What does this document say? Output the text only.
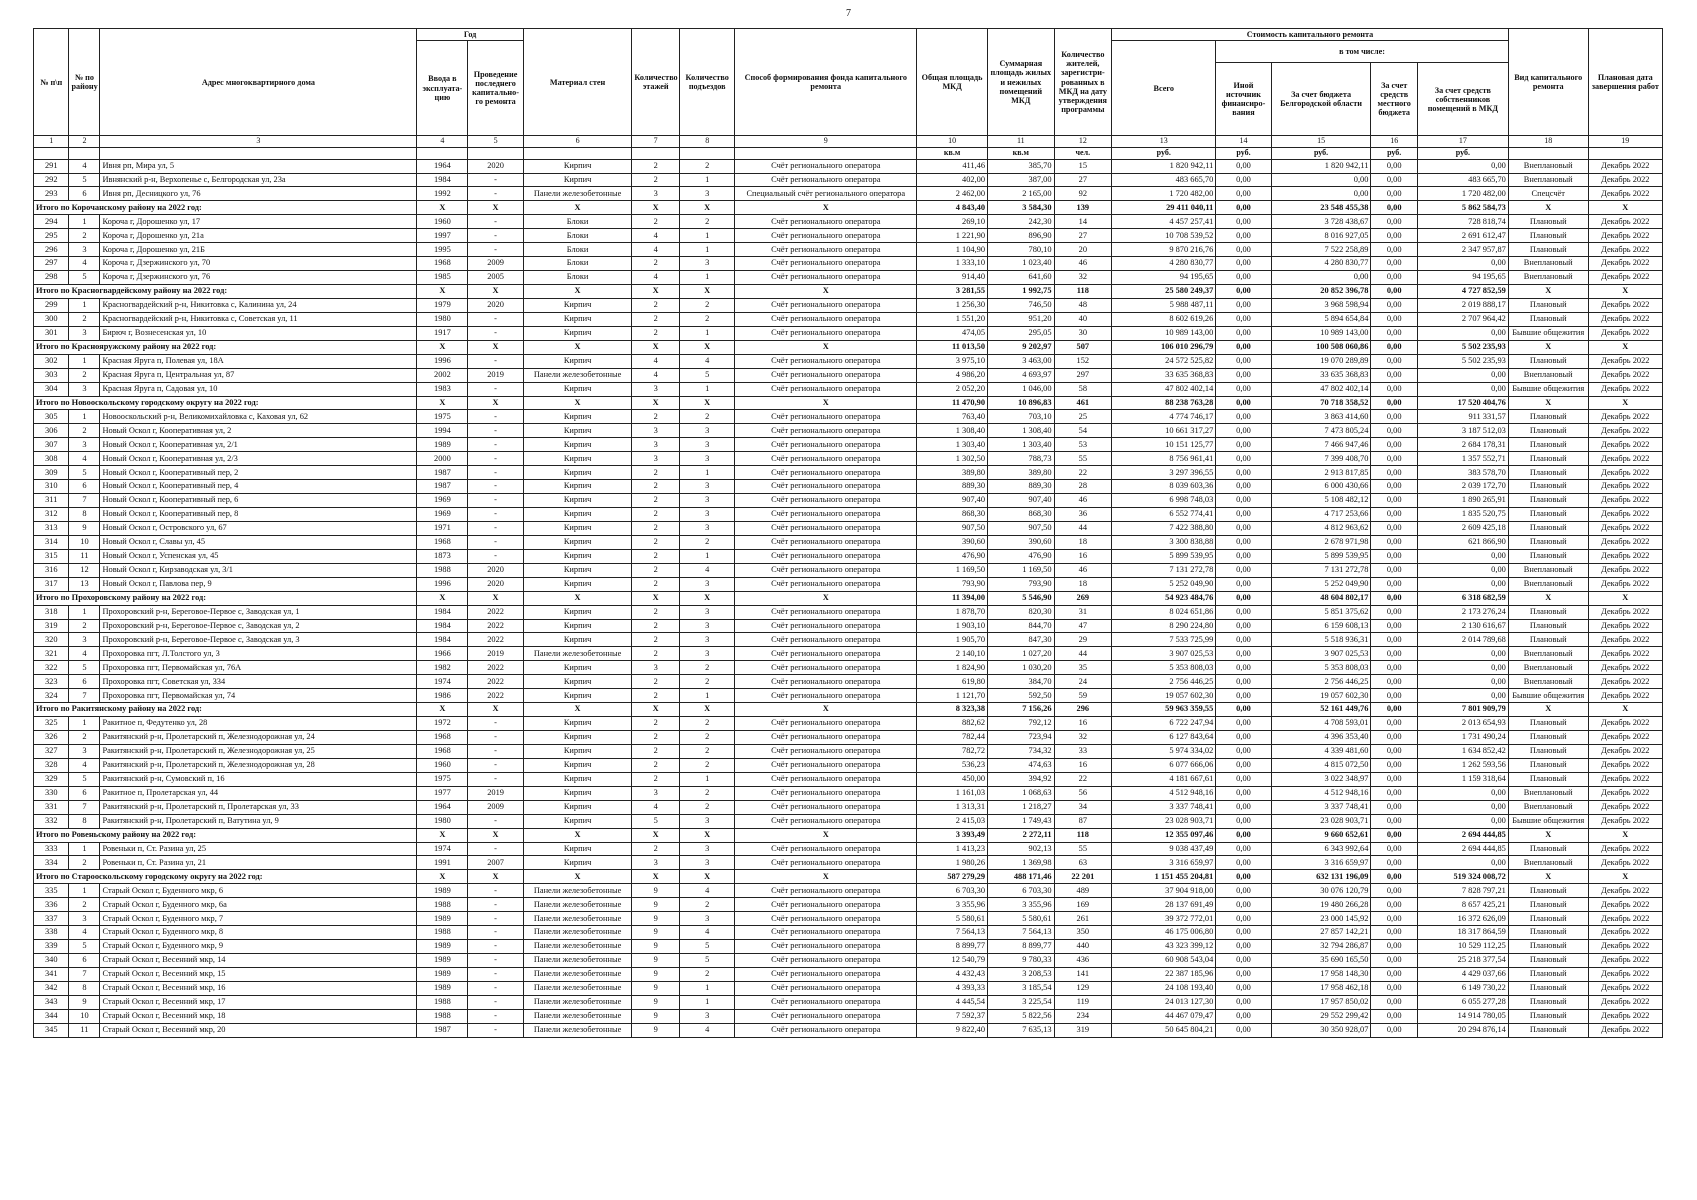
7
№ п\п	№ по району	Адрес многоквартирного дома	Год		Материал стен	Количество этажей	Количество подъездов	Способ формирования фонда капитального ремонта	Общая площадь МКД	Суммарная площадь жилых и нежилых помещений МКД	Количество жителей, зарегистри-рованных в МКД на дату утверждения программы	Стоимость капитального ремонта					Вид капитального ремонта	Плановая дата завершения работ
			Ввода в эксплуата-цию	Проведение последнего капитально-го ремонта								Всего	в том числе:					
													Иной источник финансиро-вания	За счет бюджета Белгородской области	За счет средств местного бюджета	За счет средств собственников помещений в МКД		
1	2	3	4	5	6	7	8	9	10	11	12	13	14	15	16	17	18	19
									кв.м	кв.м	чел.	руб.	руб.	руб.	руб.	руб.		
291	4	Ивня рп, Мира ул, 5	1964	2020	Кирпич	2	2	Счёт регионального оператора	411,46	385,70	15	1 820 942,11	0,00	1 820 942,11	0,00	0,00	Внеплановый	Декабрь 2022
292	5	Ивнянский р-н, Верхопенье с, Белгородская ул, 23а	1984	-	Кирпич	2	1	Счёт регионального оператора	402,00	387,00	27	483 665,70	0,00	0,00	0,00	483 665,70	Внеплановый	Декабрь 2022
293	6	Ивня рп, Десницкого ул, 76	1992	-	Панели железобетонные	3	3	Специальный счёт регионального оператора	2 462,00	2 165,00	92	1 720 482,00	0,00	0,00	0,00	1 720 482,00	Спецсчёт	Декабрь 2022
Итого по Корочанскому району на 2022 год:			X	X	X	X	X	X	4 843,40	3 584,30	139	29 411 040,11	0,00	23 548 455,38	0,00	5 862 584,73	X	X
294	1	Короча г, Дорошенко ул, 17	1960	-	Блоки	2	2	Счёт регионального оператора	269,10	242,30	14	4 457 257,41	0,00	3 728 438,67	0,00	728 818,74	Плановый	Декабрь 2022
295	2	Короча г, Дорошенко ул, 21а	1997	-	Блоки	4	1	Счёт регионального оператора	1 221,90	896,90	27	10 708 539,52	0,00	8 016 927,05	0,00	2 691 612,47	Плановый	Декабрь 2022
296	3	Короча г, Дорошенко ул, 21Б	1995	-	Блоки	4	1	Счёт регионального оператора	1 104,90	780,10	20	9 870 216,76	0,00	7 522 258,89	0,00	2 347 957,87	Плановый	Декабрь 2022
297	4	Короча г, Дзержинского ул, 70	1968	2009	Блоки	2	3	Счёт регионального оператора	1 333,10	1 023,40	46	4 280 830,77	0,00	4 280 830,77	0,00	0,00	Внеплановый	Декабрь 2022
298	5	Короча г, Дзержинского ул, 76	1985	2005	Блоки	4	1	Счёт регионального оператора	914,40	641,60	32	94 195,65	0,00	0,00	0,00	94 195,65	Внеплановый	Декабрь 2022
Итого по Красногвардейскому району на 2022 год:			X	X	X	X	X	X	3 281,55	1 992,75	118	25 580 249,37	0,00	20 852 396,78	0,00	4 727 852,59	X	X
299	1	Красногвардейский р-н, Никитовка с, Калинина ул, 24	1979	2020	Кирпич	2	2	Счёт регионального оператора	1 256,30	746,50	48	5 988 487,11	0,00	3 968 598,94	0,00	2 019 888,17	Плановый	Декабрь 2022
300	2	Красногвардейский р-н, Никитовка с, Советская ул, 11	1980	-	Кирпич	2	2	Счёт регионального оператора	1 551,20	951,20	40	8 602 619,26	0,00	5 894 654,84	0,00	2 707 964,42	Плановый	Декабрь 2022
301	3	Бирюч г, Вознесенская ул, 10	1917	-	Кирпич	2	1	Счёт регионального оператора	474,05	295,05	30	10 989 143,00	0,00	10 989 143,00	0,00	0,00	Бывшие общежития	Декабрь 2022
Итого по Краснояружскому району на 2022 год:			X	X	X	X	X	X	11 013,50	9 202,97	507	106 010 296,79	0,00	100 508 060,86	0,00	5 502 235,93	X	X
302	1	Красная Яруга п, Полевая ул, 18А	1996	-	Кирпич	4	4	Счёт регионального оператора	3 975,10	3 463,00	152	24 572 525,82	0,00	19 070 289,89	0,00	5 502 235,93	Плановый	Декабрь 2022
303	2	Красная Яруга п, Центральная ул, 87	2002	2019	Панели железобетонные	4	5	Счёт регионального оператора	4 986,20	4 693,97	297	33 635 368,83	0,00	33 635 368,83	0,00	0,00	Внеплановый	Декабрь 2022
304	3	Красная Яруга п, Садовая ул, 10	1983	-	Кирпич	3	1	Счёт регионального оператора	2 052,20	1 046,00	58	47 802 402,14	0,00	47 802 402,14	0,00	0,00	Бывшие общежития	Декабрь 2022
Итого по Новооскольскому городскому округу на 2022 год:			X	X	X	X	X	X	11 470,90	10 896,83	461	88 238 763,28	0,00	70 718 358,52	0,00	17 520 404,76	X	X
305	1	Новооскольский р-н, Великомихайловка с, Каховая ул, 62	1975	-	Кирпич	2	2	Счёт регионального оператора	763,40	703,10	25	4 774 746,17	0,00	3 863 414,60	0,00	911 331,57	Плановый	Декабрь 2022
306	2	Новый Оскол г, Кооперативная ул, 2	1994	-	Кирпич	3	3	Счёт регионального оператора	1 308,40	1 308,40	54	10 661 317,27	0,00	7 473 805,24	0,00	3 187 512,03	Плановый	Декабрь 2022
307	3	Новый Оскол г, Кооперативная ул, 2/1	1989	-	Кирпич	3	3	Счёт регионального оператора	1 303,40	1 303,40	53	10 151 125,77	0,00	7 466 947,46	0,00	2 684 178,31	Плановый	Декабрь 2022
308	4	Новый Оскол г, Кооперативная ул, 2/3	2000	-	Кирпич	3	3	Счёт регионального оператора	1 302,50	788,73	55	8 756 961,41	0,00	7 399 408,70	0,00	1 357 552,71	Плановый	Декабрь 2022
309	5	Новый Оскол г, Кооперативный пер, 2	1987	-	Кирпич	2	1	Счёт регионального оператора	389,80	389,80	22	3 297 396,55	0,00	2 913 817,85	0,00	383 578,70	Плановый	Декабрь 2022
310	6	Новый Оскол г, Кооперативный пер, 4	1987	-	Кирпич	2	3	Счёт регионального оператора	889,30	889,30	28	8 039 603,36	0,00	6 000 430,66	0,00	2 039 172,70	Плановый	Декабрь 2022
311	7	Новый Оскол г, Кооперативный пер, 6	1969	-	Кирпич	2	3	Счёт регионального оператора	907,40	907,40	46	6 998 748,03	0,00	5 108 482,12	0,00	1 890 265,91	Плановый	Декабрь 2022
312	8	Новый Оскол г, Кооперативный пер, 8	1969	-	Кирпич	2	3	Счёт регионального оператора	868,30	868,30	36	6 552 774,41	0,00	4 717 253,66	0,00	1 835 520,75	Плановый	Декабрь 2022
313	9	Новый Оскол г, Островского ул, 67	1971	-	Кирпич	2	3	Счёт регионального оператора	907,50	907,50	44	7 422 388,80	0,00	4 812 963,62	0,00	2 609 425,18	Плановый	Декабрь 2022
314	10	Новый Оскол г, Славы ул, 45	1968	-	Кирпич	2	2	Счёт регионального оператора	390,60	390,60	18	3 300 838,88	0,00	2 678 971,98	0,00	621 866,90	Плановый	Декабрь 2022
315	11	Новый Оскол г, Успенская ул, 45	1873	-	Кирпич	2	1	Счёт регионального оператора	476,90	476,90	16	5 899 539,95	0,00	5 899 539,95	0,00	0,00	Плановый	Декабрь 2022
316	12	Новый Оскол г, Кирзаводская ул, 3/1	1988	2020	Кирпич	2	4	Счёт регионального оператора	1 169,50	1 169,50	46	7 131 272,78	0,00	7 131 272,78	0,00	0,00	Внеплановый	Декабрь 2022
317	13	Новый Оскол г, Павлова пер, 9	1996	2020	Кирпич	2	3	Счёт регионального оператора	793,90	793,90	18	5 252 049,90	0,00	5 252 049,90	0,00	0,00	Внеплановый	Декабрь 2022
Итого по Прохоровскому району на 2022 год:			X	X	X	X	X	X	11 394,00	5 546,90	269	54 923 484,76	0,00	48 604 802,17	0,00	6 318 682,59	X	X
318	1	Прохоровский р-н, Береговое-Первое с, Заводская ул, 1	1984	2022	Кирпич	2	3	Счёт регионального оператора	1 878,70	820,30	31	8 024 651,86	0,00	5 851 375,62	0,00	2 173 276,24	Плановый	Декабрь 2022
319	2	Прохоровский р-н, Береговое-Первое с, Заводская ул, 2	1984	2022	Кирпич	2	3	Счёт регионального оператора	1 903,10	844,70	47	8 290 224,80	0,00	6 159 608,13	0,00	2 130 616,67	Плановый	Декабрь 2022
320	3	Прохоровский р-н, Береговое-Первое с, Заводская ул, 3	1984	2022	Кирпич	2	3	Счёт регионального оператора	1 905,70	847,30	29	7 533 725,99	0,00	5 518 936,31	0,00	2 014 789,68	Плановый	Декабрь 2022
321	4	Прохоровка пгт, Л.Толстого ул, 3	1966	2019	Панели железобетонные	2	3	Счёт регионального оператора	2 140,10	1 027,20	44	3 907 025,53	0,00	3 907 025,53	0,00	0,00	Внеплановый	Декабрь 2022
322	5	Прохоровка пгт, Первомайская ул, 76А	1982	2022	Кирпич	3	2	Счёт регионального оператора	1 824,90	1 030,20	35	5 353 808,03	0,00	5 353 808,03	0,00	0,00	Внеплановый	Декабрь 2022
323	6	Прохоровка пгт, Советская ул, 334	1974	2022	Кирпич	2	2	Счёт регионального оператора	619,80	384,70	24	2 756 446,25	0,00	2 756 446,25	0,00	0,00	Внеплановый	Декабрь 2022
324	7	Прохоровка пгт, Первомайская ул, 74	1986	2022	Кирпич	2	1	Счёт регионального оператора	1 121,70	592,50	59	19 057 602,30	0,00	19 057 602,30	0,00	0,00	Бывшие общежития	Декабрь 2022
Итого по Ракитянскому району на 2022 год:			X	X	X	X	X	X	8 323,38	7 156,26	296	59 963 359,55	0,00	52 161 449,76	0,00	7 801 909,79	X	X
325	1	Ракитное п, Федутенко ул, 28	1972	-	Кирпич	2	2	Счёт регионального оператора	882,62	792,12	16	6 722 247,94	0,00	4 708 593,01	0,00	2 013 654,93	Плановый	Декабрь 2022
326	2	Ракитянский р-н, Пролетарский п, Железнодорожная ул, 24	1968	-	Кирпич	2	2	Счёт регионального оператора	782,44	723,94	32	6 127 843,64	0,00	4 396 353,40	0,00	1 731 490,24	Плановый	Декабрь 2022
327	3	Ракитянский р-н, Пролетарский п, Железнодорожная ул, 25	1968	-	Кирпич	2	2	Счёт регионального оператора	782,72	734,32	33	5 974 334,02	0,00	4 339 481,60	0,00	1 634 852,42	Плановый	Декабрь 2022
328	4	Ракитянский р-н, Пролетарский п, Железнодорожная ул, 28	1960	-	Кирпич	2	2	Счёт регионального оператора	536,23	474,63	16	6 077 666,06	0,00	4 815 072,50	0,00	1 262 593,56	Плановый	Декабрь 2022
329	5	Ракитянский р-н, Сумовский п, 16	1975	-	Кирпич	2	1	Счёт регионального оператора	450,00	394,92	22	4 181 667,61	0,00	3 022 348,97	0,00	1 159 318,64	Плановый	Декабрь 2022
330	6	Ракитное п, Пролетарская ул, 44	1977	2019	Кирпич	3	2	Счёт регионального оператора	1 161,03	1 068,63	56	4 512 948,16	0,00	4 512 948,16	0,00	0,00	Внеплановый	Декабрь 2022
331	7	Ракитянский р-н, Пролетарский п, Пролетарская ул, 33	1964	2009	Кирпич	4	2	Счёт регионального оператора	1 313,31	1 218,27	34	3 337 748,41	0,00	3 337 748,41	0,00	0,00	Внеплановый	Декабрь 2022
332	8	Ракитянский р-н, Пролетарский п, Ватутина ул, 9	1980	-	Кирпич	5	3	Счёт регионального оператора	2 415,03	1 749,43	87	23 028 903,71	0,00	23 028 903,71	0,00	0,00	Бывшие общежития	Декабрь 2022
Итого по Ровеньскому району на 2022 год:			X	X	X	X	X	X	3 393,49	2 272,11	118	12 355 097,46	0,00	9 660 652,61	0,00	2 694 444,85	X	X
333	1	Ровеньки п, Ст. Разина ул, 25	1974	-	Кирпич	2	3	Счёт регионального оператора	1 413,23	902,13	55	9 038 437,49	0,00	6 343 992,64	0,00	2 694 444,85	Плановый	Декабрь 2022
334	2	Ровеньки п, Ст. Разина ул, 21	1991	2007	Кирпич	3	3	Счёт регионального оператора	1 980,26	1 369,98	63	3 316 659,97	0,00	3 316 659,97	0,00	0,00	Внеплановый	Декабрь 2022
Итого по Старооскольскому городскому округу на 2022 год:			X	X	X	X	X	X	587 279,29	488 171,46	22 201	1 151 455 204,81	0,00	632 131 196,09	0,00	519 324 008,72	X	X
335	1	Старый Оскол г, Буденного мкр, 6	1989	-	Панели железобетонные	9	4	Счёт регионального оператора	6 703,30	6 703,30	489	37 904 918,00	0,00	30 076 120,79	0,00	7 828 797,21	Плановый	Декабрь 2022
336	2	Старый Оскол г, Буденного мкр, 6а	1988	-	Панели железобетонные	9	2	Счёт регионального оператора	3 355,96	3 355,96	169	28 137 691,49	0,00	19 480 266,28	0,00	8 657 425,21	Плановый	Декабрь 2022
337	3	Старый Оскол г, Буденного мкр, 7	1989	-	Панели железобетонные	9	3	Счёт регионального оператора	5 580,61	5 580,61	261	39 372 772,01	0,00	23 000 145,92	0,00	16 372 626,09	Плановый	Декабрь 2022
338	4	Старый Оскол г, Буденного мкр, 8	1988	-	Панели железобетонные	9	4	Счёт регионального оператора	7 564,13	7 564,13	350	46 175 006,80	0,00	27 857 142,21	0,00	18 317 864,59	Плановый	Декабрь 2022
339	5	Старый Оскол г, Буденного мкр, 9	1989	-	Панели железобетонные	9	5	Счёт регионального оператора	8 899,77	8 899,77	440	43 323 399,12	0,00	32 794 286,87	0,00	10 529 112,25	Плановый	Декабрь 2022
340	6	Старый Оскол г, Весенний мкр, 14	1989	-	Панели железобетонные	9	5	Счёт регионального оператора	12 540,79	9 780,33	436	60 908 543,04	0,00	35 690 165,50	0,00	25 218 377,54	Плановый	Декабрь 2022
341	7	Старый Оскол г, Весенний мкр, 15	1989	-	Панели железобетонные	9	2	Счёт регионального оператора	4 432,43	3 208,53	141	22 387 185,96	0,00	17 958 148,30	0,00	4 429 037,66	Плановый	Декабрь 2022
342	8	Старый Оскол г, Весенний мкр, 16	1989	-	Панели железобетонные	9	1	Счёт регионального оператора	4 393,33	3 185,54	129	24 108 193,40	0,00	17 958 462,18	0,00	6 149 730,22	Плановый	Декабрь 2022
343	9	Старый Оскол г, Весенний мкр, 17	1988	-	Панели железобетонные	9	1	Счёт регионального оператора	4 445,54	3 225,54	119	24 013 127,30	0,00	17 957 850,02	0,00	6 055 277,28	Плановый	Декабрь 2022
344	10	Старый Оскол г, Весенний мкр, 18	1988	-	Панели железобетонные	9	3	Счёт регионального оператора	7 592,37	5 822,56	234	44 467 079,47	0,00	29 552 299,42	0,00	14 914 780,05	Плановый	Декабрь 2022
345	11	Старый Оскол г, Весенний мкр, 20	1987	-	Панели железобетонные	9	4	Счёт регионального оператора	9 822,40	7 635,13	319	50 645 804,21	0,00	30 350 928,07	0,00	20 294 876,14	Плановый	Декабрь 2022
